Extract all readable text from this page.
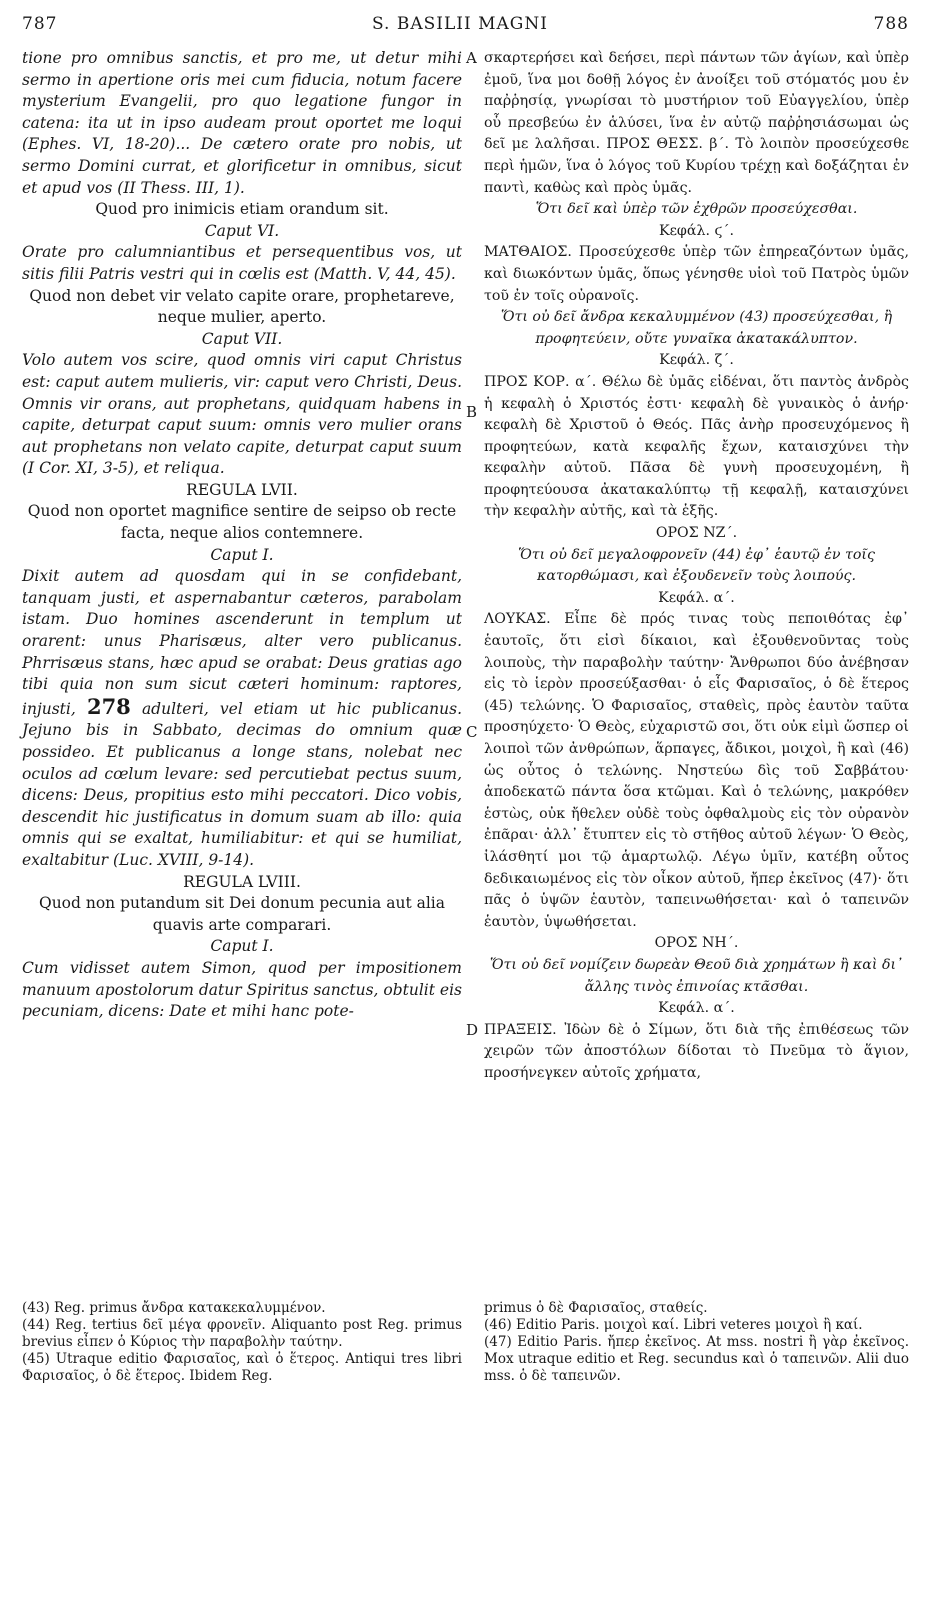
787	S. BASILII MAGNI	788
A
B
C
D

tione pro omnibus sanctis, et pro me, ut detur mihi sermo in apertione oris mei cum fiducia, notum facere mysterium Evangelii, pro quo legatione fungor in catena: ita ut in ipso audeam prout oportet me loqui (Ephes. VI, 18-20)... De cætero orate pro nobis, ut sermo Domini currat, et glorificetur in omnibus, sicut et apud vos (II Thess. III, 1).

Quod pro inimicis etiam orandum sit.

Caput VI.

Orate pro calumniantibus et persequentibus vos, ut sitis filii Patris vestri qui in cœlis est (Matth. V, 44, 45).

Quod non debet vir velato capite orare, prophetareve, neque mulier, aperto.

Caput VII.

Volo autem vos scire, quod omnis viri caput Christus est: caput autem mulieris, vir: caput vero Christi, Deus. Omnis vir orans, aut prophetans, quidquam habens in capite, deturpat caput suum: omnis vero mulier orans aut prophetans non velato capite, deturpat caput suum (I Cor. XI, 3-5), et reliqua.

REGULA LVII.

Quod non oportet magnifice sentire de seipso ob recte facta, neque alios contemnere.

Caput I.

Dixit autem ad quosdam qui in se confidebant, tanquam justi, et aspernabantur cæteros, parabolam istam. Duo homines ascenderunt in templum ut orarent: unus Pharisæus, alter vero publicanus. Phrrisæus stans, hæc apud se orabat: Deus gratias ago tibi quia non sum sicut cæteri hominum: raptores, injusti, 278 adulteri, vel etiam ut hic publicanus. Jejuno bis in Sabbato, decimas do omnium quæ possideo. Et publicanus a longe stans, nolebat nec oculos ad cœlum levare: sed percutiebat pectus suum, dicens: Deus, propitius esto mihi peccatori. Dico vobis, descendit hic justificatus in domum suam ab illo: quia omnis qui se exaltat, humiliabitur: et qui se humiliat, exaltabitur (Luc. XVIII, 9-14).

REGULA LVIII.

Quod non putandum sit Dei donum pecunia aut alia quavis arte comparari.

Caput I.

Cum vidisset autem Simon, quod per impositionem manuum apostolorum datur Spiritus sanctus, obtulit eis pecuniam, dicens: Date et mihi hanc pote-

σκαρτερήσει καὶ δεήσει, περὶ πάντων τῶν ἁγίων, καὶ ὑπὲρ ἐμοῦ, ἵνα μοι δοθῇ λόγος ἐν ἀνοίξει τοῦ στόματός μου ἐν παῤῥησίᾳ, γνωρίσαι τὸ μυστήριον τοῦ Εὐαγγελίου, ὑπὲρ οὗ πρεσβεύω ἐν ἁλύσει, ἵνα ἐν αὐτῷ παῤῥησιάσωμαι ὡς δεῖ με λαλῆσαι. ΠΡΟΣ ΘΕΣΣ. β΄. Τὸ λοιπὸν προσεύχεσθε περὶ ἡμῶν, ἵνα ὁ λόγος τοῦ Κυρίου τρέχῃ καὶ δοξάζηται ἐν παντὶ, καθὼς καὶ πρὸς ὑμᾶς.

Ὅτι δεῖ καὶ ὑπὲρ τῶν ἐχθρῶν προσεύχεσθαι.

Κεφάλ. ϛ΄.

ΜΑΤΘΑΙΟΣ. Προσεύχεσθε ὑπὲρ τῶν ἐπηρεαζόντων ὑμᾶς, καὶ διωκόντων ὑμᾶς, ὅπως γένησθε υἱοὶ τοῦ Πατρὸς ὑμῶν τοῦ ἐν τοῖς οὐρανοῖς.

Ὅτι οὐ δεῖ ἄνδρα κεκαλυμμένον (43) προσεύχεσθαι, ἢ προφητεύειν, οὔτε γυναῖκα ἀκατακάλυπτον.

Κεφάλ. ζ΄.

ΠΡΟΣ ΚΟΡ. α΄. Θέλω δὲ ὑμᾶς εἰδέναι, ὅτι παντὸς ἀνδρὸς ἡ κεφαλὴ ὁ Χριστός ἐστι· κεφαλὴ δὲ γυναικὸς ὁ ἀνήρ· κεφαλὴ δὲ Χριστοῦ ὁ Θεός. Πᾶς ἀνὴρ προσευχόμενος ἢ προφητεύων, κατὰ κεφαλῆς ἔχων, καταισχύνει τὴν κεφαλὴν αὐτοῦ. Πᾶσα δὲ γυνὴ προσευχομένη, ἢ προφητεύουσα ἀκατακαλύπτῳ τῇ κεφαλῇ, καταισχύνει τὴν κεφαλὴν αὐτῆς, καὶ τὰ ἑξῆς.

ΟΡΟΣ ΝΖ΄.

Ὅτι οὐ δεῖ μεγαλοφρονεῖν (44) ἐφ᾽ ἑαυτῷ ἐν τοῖς κατορθώμασι, καὶ ἐξουδενεῖν τοὺς λοιπούς.

Κεφάλ. α΄.

ΛΟΥΚΑΣ. Εἶπε δὲ πρός τινας τοὺς πεποιθότας ἐφ᾽ ἑαυτοῖς, ὅτι εἰσὶ δίκαιοι, καὶ ἐξουθενοῦντας τοὺς λοιποὺς, τὴν παραβολὴν ταύτην· Ἄνθρωποι δύο ἀνέβησαν εἰς τὸ ἱερὸν προσεύξασθαι· ὁ εἷς Φαρισαῖος, ὁ δὲ ἕτερος (45) τελώνης. Ὁ Φαρισαῖος, σταθεὶς, πρὸς ἑαυτὸν ταῦτα προσηύχετο· Ὁ Θεὸς, εὐχαριστῶ σοι, ὅτι οὐκ εἰμὶ ὥσπερ οἱ λοιποὶ τῶν ἀνθρώπων, ἅρπαγες, ἄδικοι, μοιχοὶ, ἢ καὶ (46) ὡς οὗτος ὁ τελώνης. Νηστεύω δὶς τοῦ Σαββάτου· ἀποδεκατῶ πάντα ὅσα κτῶμαι. Καὶ ὁ τελώνης, μακρόθεν ἑστὼς, οὐκ ἤθελεν οὐδὲ τοὺς ὀφθαλμοὺς εἰς τὸν οὐρανὸν ἐπᾶραι· ἀλλ᾽ ἔτυπτεν εἰς τὸ στῆθος αὐτοῦ λέγων· Ὁ Θεὸς, ἱλάσθητί μοι τῷ ἁμαρτωλῷ. Λέγω ὑμῖν, κατέβη οὗτος δεδικαιωμένος εἰς τὸν οἶκον αὐτοῦ, ἤπερ ἐκεῖνος (47)· ὅτι πᾶς ὁ ὑψῶν ἑαυτὸν, ταπεινωθήσεται· καὶ ὁ ταπεινῶν ἑαυτὸν, ὑψωθήσεται.

ΟΡΟΣ ΝΗ΄.

Ὅτι οὐ δεῖ νομίζειν δωρεὰν Θεοῦ διὰ χρημάτων ἢ καὶ δι᾽ ἄλλης τινὸς ἐπινοίας κτᾶσθαι.

Κεφάλ. α΄.

ΠΡΑΞΕΙΣ. Ἰδὼν δὲ ὁ Σίμων, ὅτι διὰ τῆς ἐπιθέσεως τῶν χειρῶν τῶν ἀποστόλων δίδοται τὸ Πνεῦμα τὸ ἅγιον, προσήνεγκεν αὐτοῖς χρήματα,

(43) Reg. primus ἄνδρα κατακεκαλυμμένον.

(44) Reg. tertius δεῖ μέγα φρονεῖν. Aliquanto post Reg. primus brevius εἶπεν ὁ Κύριος τὴν παραβολὴν ταύτην.

(45) Utraque editio Φαρισαῖος, καὶ ὁ ἕτερος. Antiqui tres libri Φαρισαῖος, ὁ δὲ ἕτερος. Ibidem Reg.

primus ὁ δὲ Φαρισαῖος, σταθείς.

(46) Editio Paris. μοιχοὶ καί. Libri veteres μοιχοὶ ἢ καί.

(47) Editio Paris. ἤπερ ἐκεῖνος. At mss. nostri ἢ γὰρ ἐκεῖνος. Mox utraque editio et Reg. secundus καὶ ὁ ταπεινῶν. Alii duo mss. ὁ δὲ ταπεινῶν.
